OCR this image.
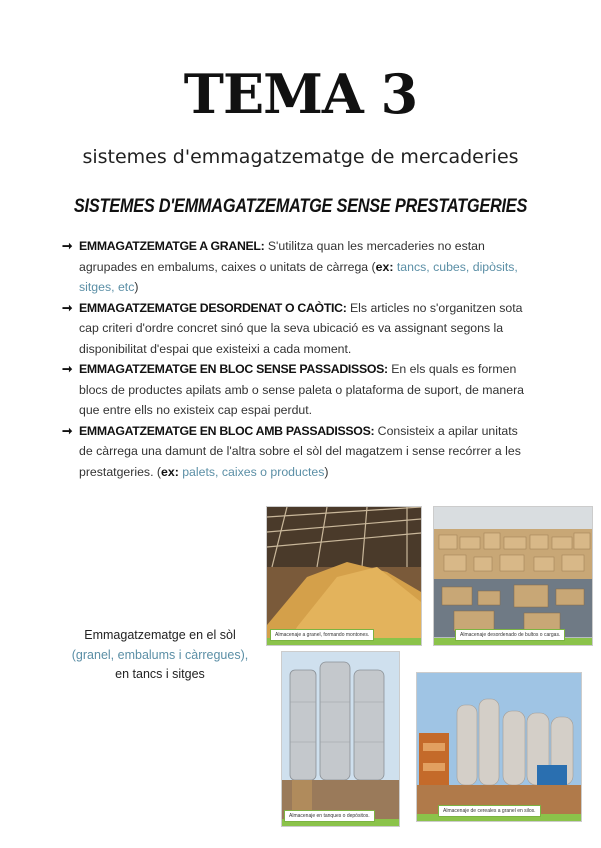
TEMA 3
sistemes d'emmagatzematge de mercaderies
SISTEMES D'EMMAGATZEMATGE SENSE PRESTATGERIES
➞ EMMAGATZEMATGE A GRANEL: S'utilitza quan les mercaderies no estan agrupades en embalums, caixes o unitats de càrrega (ex: tancs, cubes, dipòsits, sitges, etc)
➞ EMMAGATZEMATGE DESORDENAT O CAÒTIC: Els articles no s'organitzen sota cap criteri d'ordre concret sinó que la seva ubicació es va assignant segons la disponibilitat d'espai que existeixi a cada moment.
➞ EMMAGATZEMATGE EN BLOC SENSE PASSADISSOS: En els quals es formen blocs de productes apilats amb o sense paleta o plataforma de suport, de manera que entre ells no existeix cap espai perdut.
➞ EMMAGATZEMATGE EN BLOC AMB PASSADISSOS: Consisteix a apilar unitats de càrrega una damunt de l'altra sobre el sòl del magatzem i sense recórrer a les prestatgeries. (ex: palets, caixes o productes)
Emmagatzematge en el sòl
(granel, embalums i càrregues),
en tancs i sitges
Almacenaje a granel, formando montones.	Almacenaje desordenado de bultos o cargas.
Almacenaje en tanques o depósitos.
Almacenaje de cereales a granel en silos.
